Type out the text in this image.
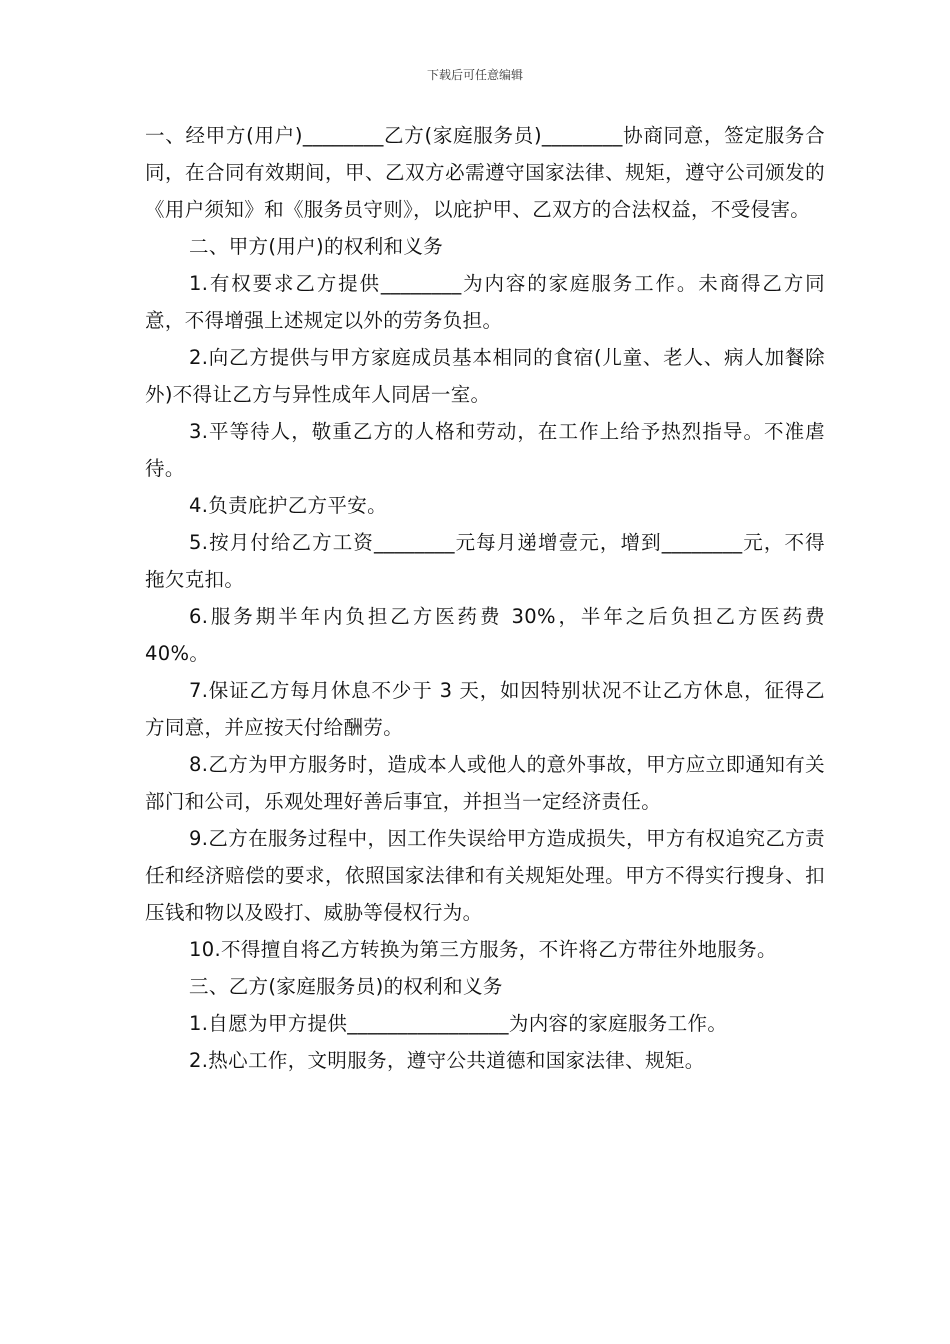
下载后可任意编辑

一、经甲方(用户)________乙方(家庭服务员)________协商同意，签定服务合同，在合同有效期间，甲、乙双方必需遵守国家法律、规矩，遵守公司颁发的《用户须知》和《服务员守则》，以庇护甲、乙双方的合法权益，不受侵害。

二、甲方(用户)的权利和义务

1.有权要求乙方提供________为内容的家庭服务工作。未商得乙方同意，不得增强上述规定以外的劳务负担。

2.向乙方提供与甲方家庭成员基本相同的食宿(儿童、老人、病人加餐除外)不得让乙方与异性成年人同居一室。

3.平等待人，敬重乙方的人格和劳动，在工作上给予热烈指导。不准虐待。

4.负责庇护乙方平安。

5.按月付给乙方工资________元每月递增壹元，增到________元，不得拖欠克扣。

6.服务期半年内负担乙方医药费 30%，半年之后负担乙方医药费 40%。

7.保证乙方每月休息不少于 3 天，如因特别状况不让乙方休息，征得乙方同意，并应按天付给酬劳。

8.乙方为甲方服务时，造成本人或他人的意外事故，甲方应立即通知有关部门和公司，乐观处理好善后事宜，并担当一定经济责任。

9.乙方在服务过程中，因工作失误给甲方造成损失，甲方有权追究乙方责任和经济赔偿的要求，依照国家法律和有关规矩处理。甲方不得实行搜身、扣压钱和物以及殴打、威胁等侵权行为。

10.不得擅自将乙方转换为第三方服务，不许将乙方带往外地服务。

三、乙方(家庭服务员)的权利和义务

1.自愿为甲方提供________________为内容的家庭服务工作。

2.热心工作，文明服务，遵守公共道德和国家法律、规矩。
